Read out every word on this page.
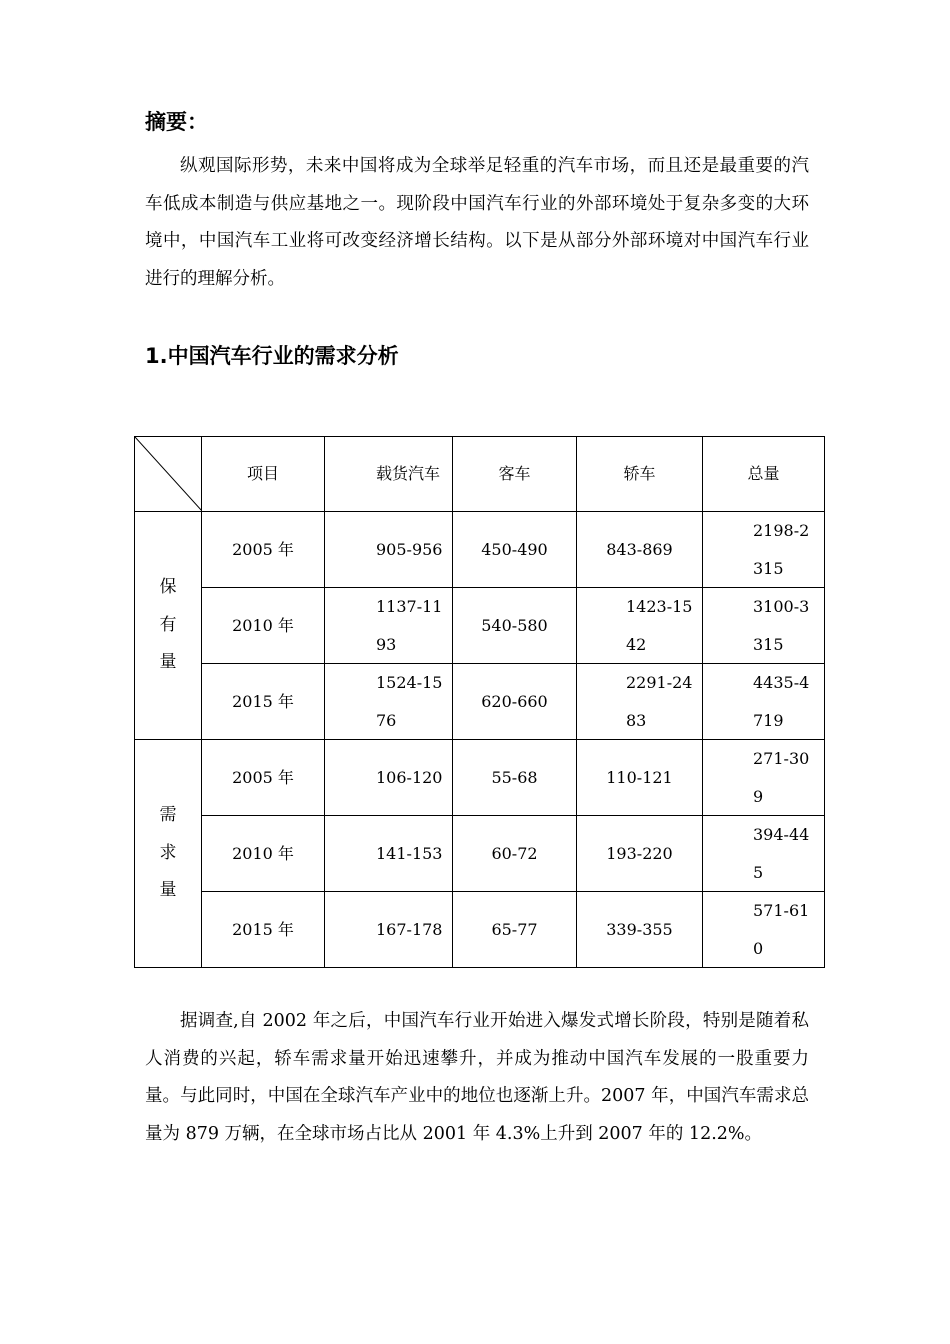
摘要：

纵观国际形势，未来中国将成为全球举足轻重的汽车市场，而且还是最重要的汽车低成本制造与供应基地之一。现阶段中国汽车行业的外部环境处于复杂多变的大环境中，中国汽车工业将可改变经济增长结构。以下是从部分外部环境对中国汽车行业进行的理解分析。

1.中国汽车行业的需求分析
	项目	载货汽车	客车	轿车	总量

保有量	2005 年	905-956	450-490	843-869	2198-2315

	2010 年	1137-1193	540-580	1423-1542	3100-3315

	2015 年	1524-1576	620-660	2291-2483	4435-4719

需求量	2005 年	106-120	55-68	110-121	271-309

	2010 年	141-153	60-72	193-220	394-445

	2015 年	167-178	65-77	339-355	571-610

据调查,自 2002 年之后，中国汽车行业开始进入爆发式增长阶段，特别是随着私人消费的兴起，轿车需求量开始迅速攀升，并成为推动中国汽车发展的一股重要力量。与此同时，中国在全球汽车产业中的地位也逐渐上升。2007 年，中国汽车需求总量为 879 万辆，在全球市场占比从 2001 年 4.3%上升到 2007 年的 12.2%。
